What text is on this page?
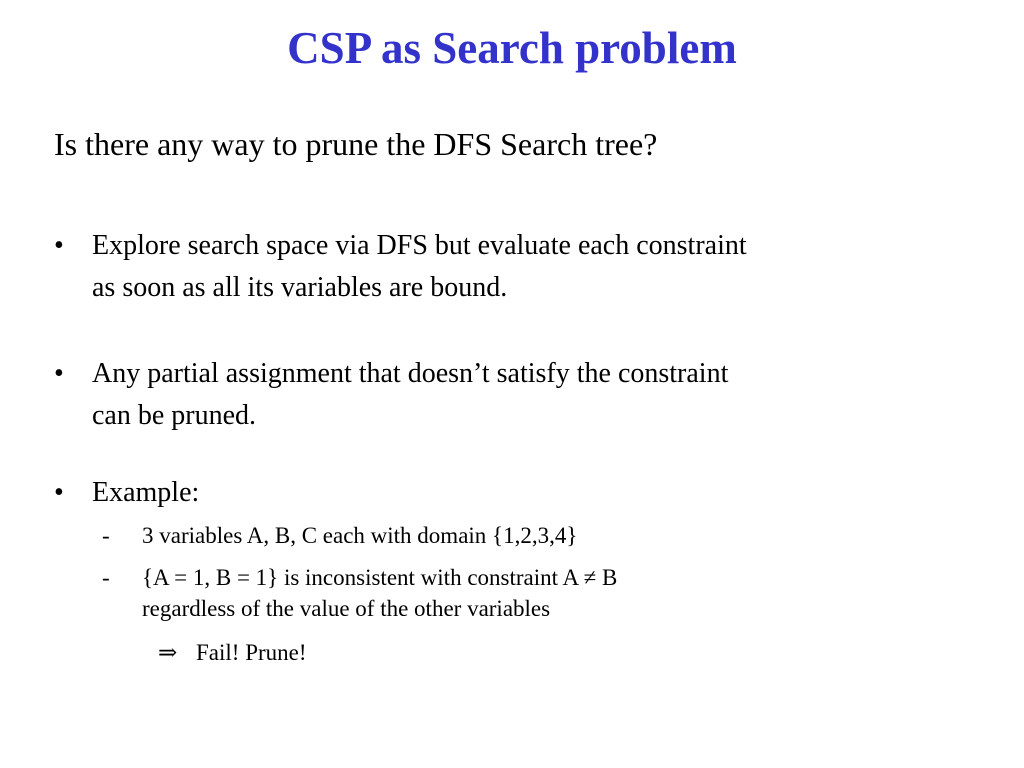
CSP as Search problem
Is there any way to prune the DFS Search tree?
•	Explore search space via DFS but evaluate each constraint
as soon as all its variables are bound.
•	Any partial assignment that doesn’t satisfy the constraint
can be pruned.
•	Example:
- 3 variables A, B, C each with domain {1,2,3,4}
- {A = 1, B = 1} is inconsistent with constraint A ≠ B
regardless of the value of the other variables
⇒ Fail! Prune!
